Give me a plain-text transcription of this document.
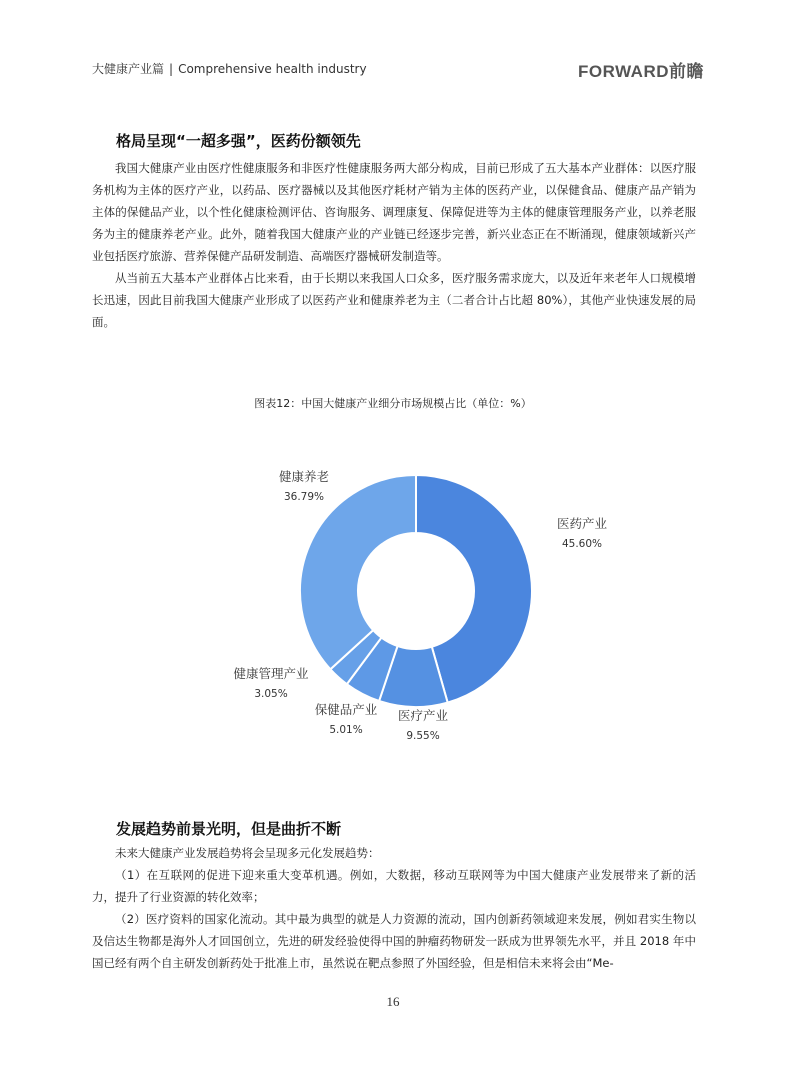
大健康产业篇 | Comprehensive health industry	FORWARD前瞻
格局呈现“一超多强”，医药份额领先

我国大健康产业由医疗性健康服务和非医疗性健康服务两大部分构成，目前已形成了五大基本产业群体：以医疗服务机构为主体的医疗产业，以药品、医疗器械以及其他医疗耗材产销为主体的医药产业，以保健食品、健康产品产销为主体的保健品产业，以个性化健康检测评估、咨询服务、调理康复、保障促进等为主体的健康管理服务产业，以养老服务为主的健康养老产业。此外，随着我国大健康产业的产业链已经逐步完善，新兴业态正在不断涌现，健康领域新兴产业包括医疗旅游、营养保健产品研发制造、高端医疗器械研发制造等。

从当前五大基本产业群体占比来看，由于长期以来我国人口众多，医疗服务需求庞大，以及近年来老年人口规模增长迅速，因此目前我国大健康产业形成了以医药产业和健康养老为主（二者合计占比超 80%），其他产业快速发展的局面。

图表12：中国大健康产业细分市场规模占比（单位：%）
医药产业
45.60%
医疗产业
9.55%
保健品产业
5.01%
健康管理产业
3.05%
健康养老
36.79%
发展趋势前景光明，但是曲折不断

未来大健康产业发展趋势将会呈现多元化发展趋势：

（1）在互联网的促进下迎来重大变革机遇。例如，大数据，移动互联网等为中国大健康产业发展带来了新的活力，提升了行业资源的转化效率；

（2）医疗资料的国家化流动。其中最为典型的就是人力资源的流动，国内创新药领域迎来发展，例如君实生物以及信达生物都是海外人才回国创立，先进的研发经验使得中国的肿瘤药物研发一跃成为世界领先水平，并且 2018 年中国已经有两个自主研发创新药处于批准上市，虽然说在靶点参照了外国经验，但是相信未来将会由“Me-

16
